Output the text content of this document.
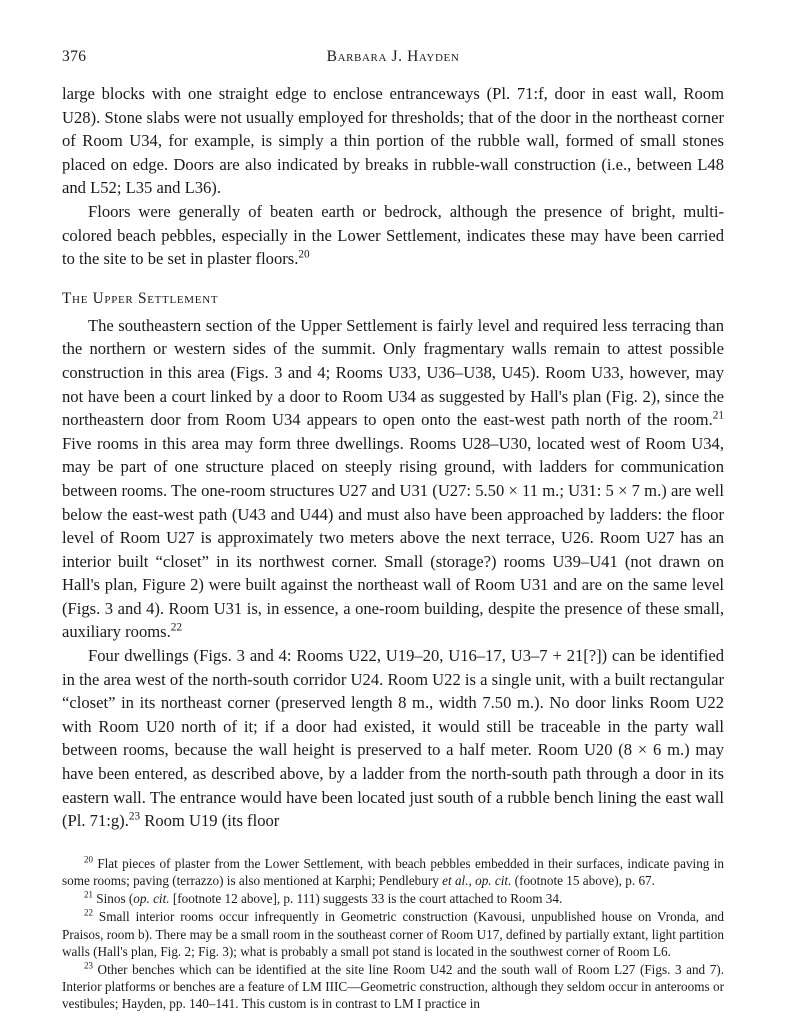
376	Barbara J. Hayden

large blocks with one straight edge to enclose entranceways (Pl. 71:f, door in east wall, Room U28). Stone slabs were not usually employed for thresholds; that of the door in the northeast corner of Room U34, for example, is simply a thin portion of the rubble wall, formed of small stones placed on edge. Doors are also indicated by breaks in rubble-wall construction (i.e., between L48 and L52; L35 and L36).

Floors were generally of beaten earth or bedrock, although the presence of bright, multi-colored beach pebbles, especially in the Lower Settlement, indicates these may have been carried to the site to be set in plaster floors.$^{20}$

The Upper Settlement

The southeastern section of the Upper Settlement is fairly level and required less terracing than the northern or western sides of the summit. Only fragmentary walls remain to attest possible construction in this area (Figs. 3 and 4; Rooms U33, U36–U38, U45). Room U33, however, may not have been a court linked by a door to Room U34 as suggested by Hall's plan (Fig. 2), since the northeastern door from Room U34 appears to open onto the east-west path north of the room.$^{21}$ Five rooms in this area may form three dwellings. Rooms U28–U30, located west of Room U34, may be part of one structure placed on steeply rising ground, with ladders for communication between rooms. The one-room structures U27 and U31 (U27: 5.50 × 11 m.; U31: 5 × 7 m.) are well below the east-west path (U43 and U44) and must also have been approached by ladders: the floor level of Room U27 is approximately two meters above the next terrace, U26. Room U27 has an interior built “closet” in its northwest corner. Small (storage?) rooms U39–U41 (not drawn on Hall's plan, Figure 2) were built against the northeast wall of Room U31 and are on the same level (Figs. 3 and 4). Room U31 is, in essence, a one-room building, despite the presence of these small, auxiliary rooms.$^{22}$

Four dwellings (Figs. 3 and 4: Rooms U22, U19–20, U16–17, U3–7 + 21[?]) can be identified in the area west of the north-south corridor U24. Room U22 is a single unit, with a built rectangular “closet” in its northeast corner (preserved length 8 m., width 7.50 m.). No door links Room U22 with Room U20 north of it; if a door had existed, it would still be traceable in the party wall between rooms, because the wall height is preserved to a half meter. Room U20 (8 × 6 m.) may have been entered, as described above, by a ladder from the north-south path through a door in its eastern wall. The entrance would have been located just south of a rubble bench lining the east wall (Pl. 71:g).$^{23}$ Room U19 (its floor

$^{20}$ Flat pieces of plaster from the Lower Settlement, with beach pebbles embedded in their surfaces, indicate paving in some rooms; paving (terrazzo) is also mentioned at Karphi; Pendlebury et al., op. cit. (footnote 15 above), p. 67.

$^{21}$ Sinos (op. cit. [footnote 12 above], p. 111) suggests 33 is the court attached to Room 34.

$^{22}$ Small interior rooms occur infrequently in Geometric construction (Kavousi, unpublished house on Vronda, and Praisos, room b). There may be a small room in the southeast corner of Room U17, defined by partially extant, light partition walls (Hall's plan, Fig. 2; Fig. 3); what is probably a small pot stand is located in the southwest corner of Room L6.

$^{23}$ Other benches which can be identified at the site line Room U42 and the south wall of Room L27 (Figs. 3 and 7). Interior platforms or benches are a feature of LM IIIC—Geometric construction, although they seldom occur in anterooms or vestibules; Hayden, pp. 140–141. This custom is in contrast to LM I practice in
